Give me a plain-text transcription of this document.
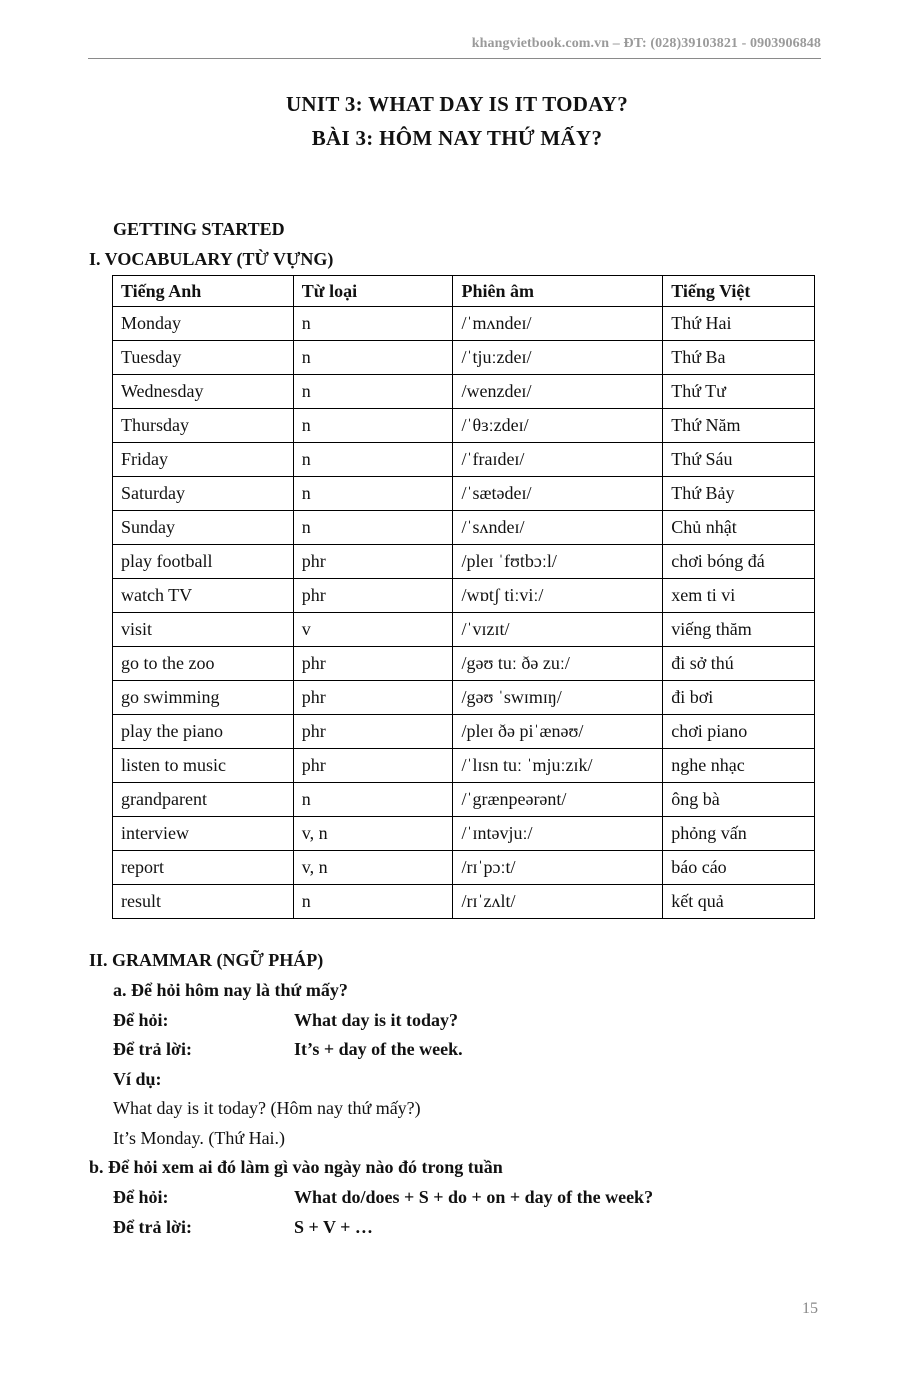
khangvietbook.com.vn – ĐT: (028)39103821 - 0903906848
UNIT 3: WHAT DAY IS IT TODAY?
BÀI 3: HÔM NAY THỨ MẤY?
GETTING STARTED
I. VOCABULARY (TỪ VỰNG)
Tiếng Anh	Từ loại	Phiên âm	Tiếng Việt
Monday	n	/ˈmʌndeɪ/	Thứ Hai
Tuesday	n	/ˈtjuːzdeɪ/	Thứ Ba
Wednesday	n	/wenzdeɪ/	Thứ Tư
Thursday	n	/ˈθɜːzdeɪ/	Thứ Năm
Friday	n	/ˈfraɪdeɪ/	Thứ Sáu
Saturday	n	/ˈsætədeɪ/	Thứ Bảy
Sunday	n	/ˈsʌndeɪ/	Chủ nhật
play football	phr	/pleɪ ˈfʊtbɔːl/	chơi bóng đá
watch TV	phr	/wɒtʃ tiːviː/	xem ti vi
visit	v	/ˈvɪzɪt/	viếng thăm
go to the zoo	phr	/gəʊ tuː ðə zuː/	đi sở thú
go swimming	phr	/gəʊ ˈswɪmɪŋ/	đi bơi
play the piano	phr	/pleɪ ðə piˈænəʊ/	chơi piano
listen to music	phr	/ˈlɪsn tuː ˈmjuːzɪk/	nghe nhạc
grandparent	n	/ˈgrænpeərənt/	ông bà
interview	v, n	/ˈɪntəvjuː/	phỏng vấn
report	v, n	/rɪˈpɔːt/	báo cáo
result	n	/rɪˈzʌlt/	kết quả
II. GRAMMAR (NGỮ PHÁP)
a. Để hỏi hôm nay là thứ mấy?
Để hỏi:	What day is it today?
Để trả lời:	It’s + day of the week.
Ví dụ:
What day is it today? (Hôm nay thứ mấy?)
It’s Monday. (Thứ Hai.)
b. Để hỏi xem ai đó làm gì vào ngày nào đó trong tuần
Để hỏi:	What do/does + S + do + on + day of the week?
Để trả lời:	S + V + …
15
